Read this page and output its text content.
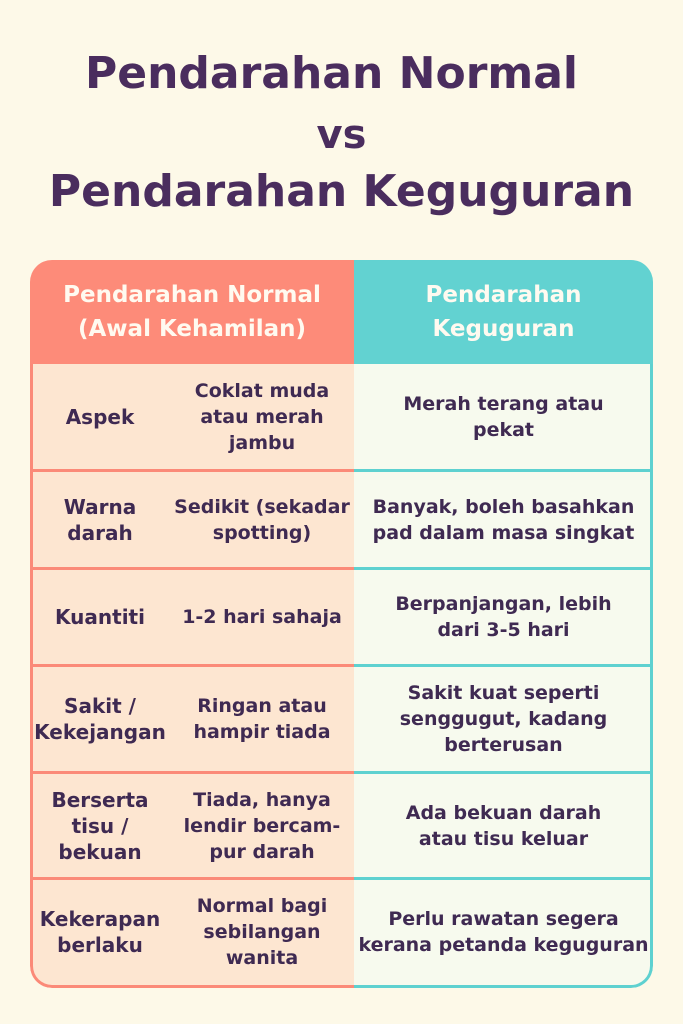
Pendarahan Normal
vs
Pendarahan Keguguran
Pendarahan Normal
(Awal Kehamilan)
Pendarahan
Keguguran
Aspek
Coklat muda
atau merah jambu
Merah terang atau
pekat
Warna
darah
Sedikit (sekadar
spotting)
Banyak, boleh basahkan
pad dalam masa singkat
Kuantiti	1-2 hari sahaja
Berpanjangan, lebih
dari 3-5 hari
Sakit /
Kekejangan
Ringan atau
hampir tiada
Sakit kuat seperti
senggugut, kadang
berterusan
Berserta
tisu / bekuan
Tiada, hanya
lendir bercam-
pur darah
Ada bekuan darah
atau tisu keluar
Kekerapan
berlaku
Normal bagi
sebilangan
wanita
Perlu rawatan segera
kerana petanda keguguran
